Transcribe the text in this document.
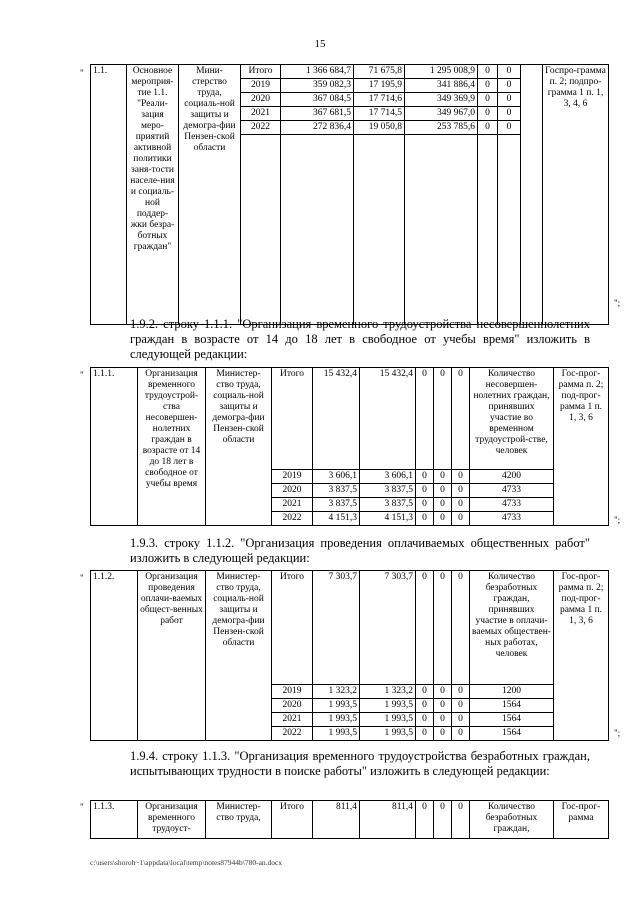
15
" 1.1.	Основное мероприя-тие 1.1. "Реали-зация меро-приятий активной политики заня-тости населе-ния и социаль-ной поддер-жки безра-ботных граждан"	Мини-стерство труда, социаль-ной защиты и демогра-фии Пензен-ской области	Итого	1 366 684,7	71 675,8	1 295 008,9	0	0		Госпро-грамма п. 2; подпро-грамма 1 п. 1, 3, 4, 6
			2019	359 082,3	17 195,9	341 886,4	0	0		
			2020	367 084,5	17 714,6	349 369,9	0	0		
			2021	367 681,5	17 714,5	349 967,0	0	0		
			2022	272 836,4	19 050,8	253 785,6	0	0		

";
1.9.2. строку 1.1.1. "Организация временного трудоустройства несовершеннолетних граждан в возрасте от 14 до 18 лет в свободное от учебы время" изложить в следующей редакции:
" 1.1.1.	Организация временного трудоустрой-ства несовершен-нолетних граждан в возрасте от 14 до 18 лет в свободное от учебы время	Министер-ство труда, социаль-ной защиты и демогра-фии Пензен-ской области	Итого	15 432,4	15 432,4	0	0	0	Количество несовершен-нолетних граждан, принявших участие во временном трудоустрой-стве, человек	Гос-прог-рамма п. 2; под-прог-рамма 1 п. 1, 3, 6
			2019	3 606,1	3 606,1	0	0	0	4200	
			2020	3 837,5	3 837,5	0	0	0	4733	
			2021	3 837,5	3 837,5	0	0	0	4733	
			2022	4 151,3	4 151,3	0	0	0	4733		";
1.9.3. строку 1.1.2. "Организация проведения оплачиваемых общественных работ" изложить в следующей редакции:
" 1.1.2.	Организация проведения оплачи-ваемых общест-венных работ	Министер-ство труда, социаль-ной защиты и демогра-фии Пензен-ской области	Итого	7 303,7	7 303,7	0	0	0	Количество безработных граждан, принявших участие в оплачи-ваемых обществен-ных работах, человек	Гос-прог-рамма п. 2; под-прог-рамма 1 п. 1, 3, 6
			2019	1 323,2	1 323,2	0	0	0	1200	
			2020	1 993,5	1 993,5	0	0	0	1564	
			2021	1 993,5	1 993,5	0	0	0	1564	
			2022	1 993,5	1 993,5	0	0	0	1564		";
1.9.4. строку 1.1.3. "Организация временного трудоустройства безработных граждан, испытывающих трудности в поиске работы" изложить в следующей редакции:
" 1.1.3.	Организация временного трудоуст-	Министер-ство труда,	Итого	811,4	811,4	0	0	0	Количество безработных граждан,	Гос-прог-рамма
c:\users\shoroh~1\appdata\local\temp\notes87944b\780-an.docx
